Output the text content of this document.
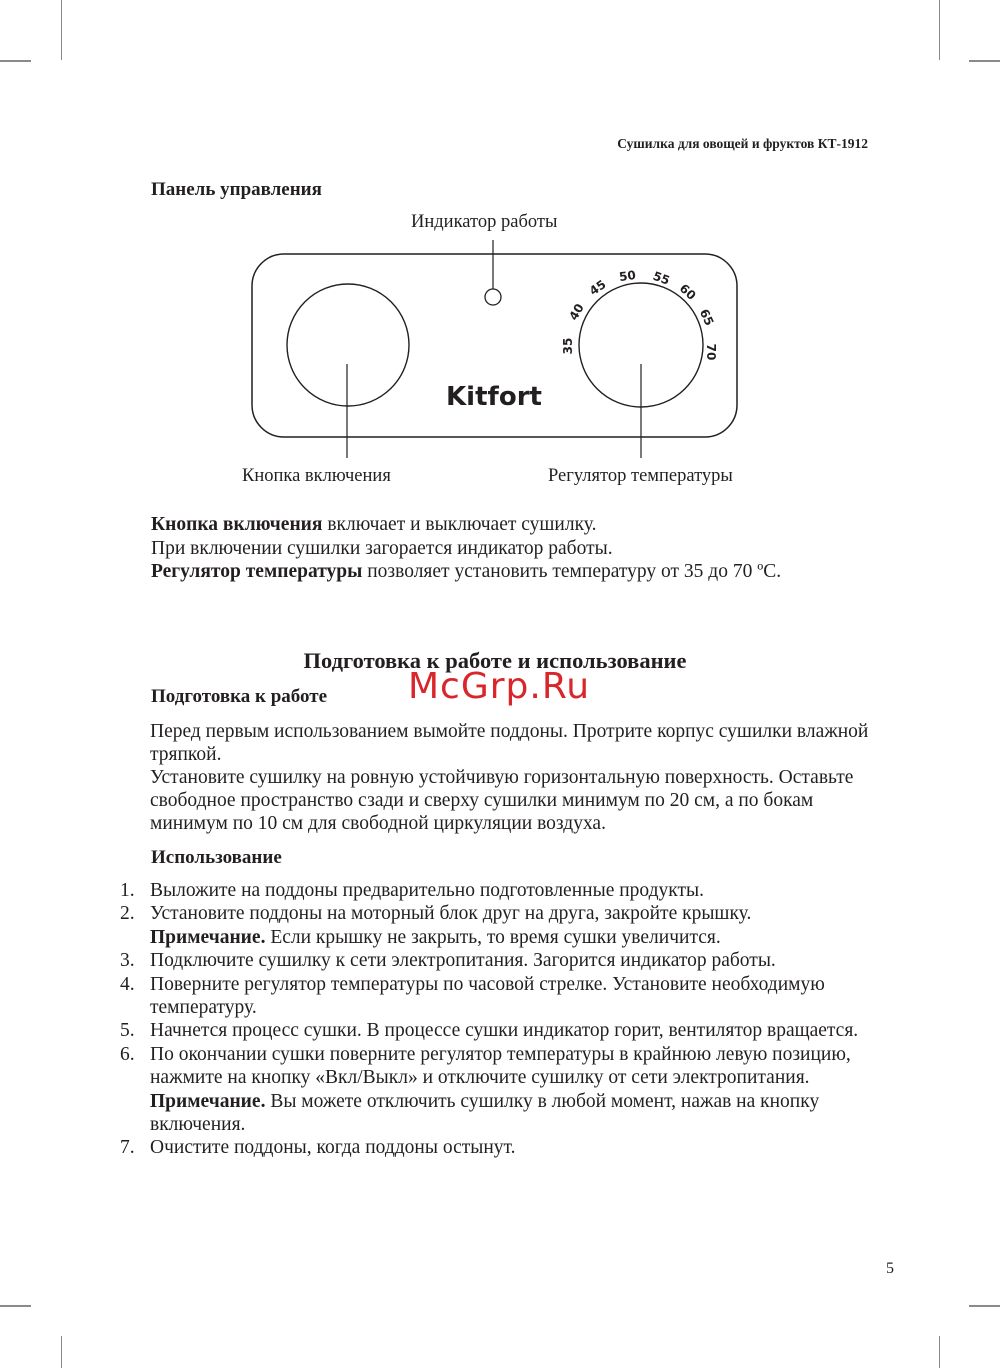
Сушилка для овощей и фруктов КТ-1912
Панель управления
Индикатор работы
Кнопка включения	Регулятор температуры
35
40
45
50 55
60
65
70
Kitfort
Кнопка включения включает и выключает сушилку.
При включении сушилки загорается индикатор работы.
Регулятор температуры позволяет установить температуру от 35 до 70 ºС.
Подготовка к работе и использование
McGrp.Ru
Подготовка к работе
Перед первым использованием вымойте поддоны. Протрите корпус сушилки влажной тряпкой.
Установите сушилку на ровную устойчивую горизонтальную поверхность. Оставьте свободное пространство сзади и сверху сушилки минимум по 20 см, а по бокам минимум по 10 см для свободной циркуляции воздуха.
Использование
1. Выложите на поддоны предварительно подготовленные продукты.
2. Установите поддоны на моторный блок друг на друга, закройте крышку.
Примечание. Если крышку не закрыть, то время сушки увеличится.
3. Подключите сушилку к сети электропитания. Загорится индикатор работы.
4. Поверните регулятор температуры по часовой стрелке. Установите необходимую температуру.
5. Начнется процесс сушки. В процессе сушки индикатор горит, вентилятор вращается.
6. По окончании сушки поверните регулятор температуры в крайнюю левую позицию, нажмите на кнопку «Вкл/Выкл» и отключите сушилку от сети электропитания.
Примечание. Вы можете отключить сушилку в любой момент, нажав на кнопку включения.
7. Очистите поддоны, когда поддоны остынут.
5
